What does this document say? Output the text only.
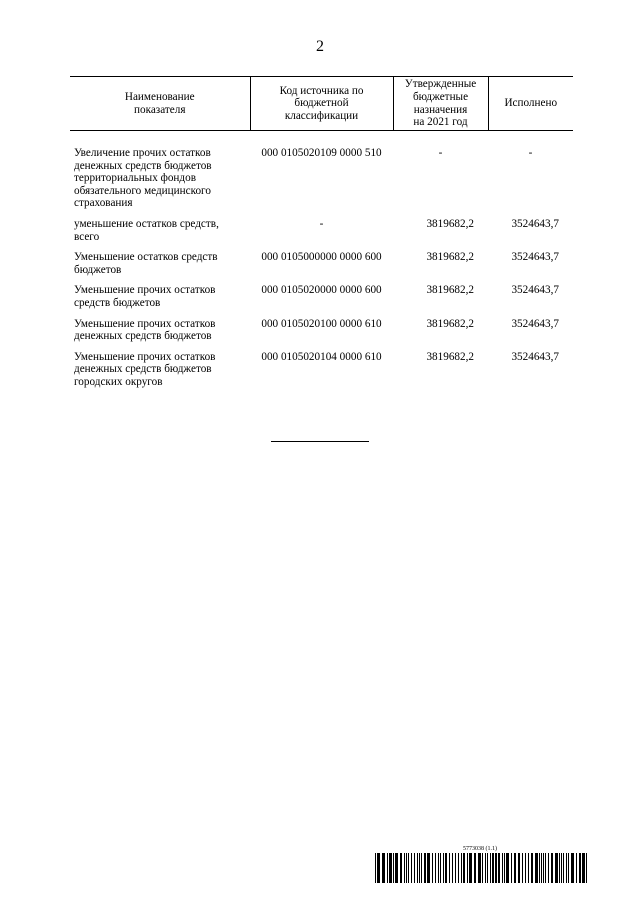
2
Наименование
показателя	Код источника по
бюджетной
классификации	Утвержденные
бюджетные
назначения
на 2021 год	Исполнено
Увеличение прочих остатков денежных средств бюджетов территориальных фондов обязательного медицинского страхования	000 0105020109 0000 510	-	-
уменьшение остатков средств, всего	-	3819682,2	3524643,7
Уменьшение остатков средств бюджетов	000 0105000000 0000 600	3819682,2	3524643,7
Уменьшение прочих остатков средств бюджетов	000 0105020000 0000 600	3819682,2	3524643,7
Уменьшение прочих остатков денежных средств бюджетов	000 0105020100 0000 610	3819682,2	3524643,7
Уменьшение прочих остатков денежных средств бюджетов городских округов	000 0105020104 0000 610	3819682,2	3524643,7
5773038 (1.1)
